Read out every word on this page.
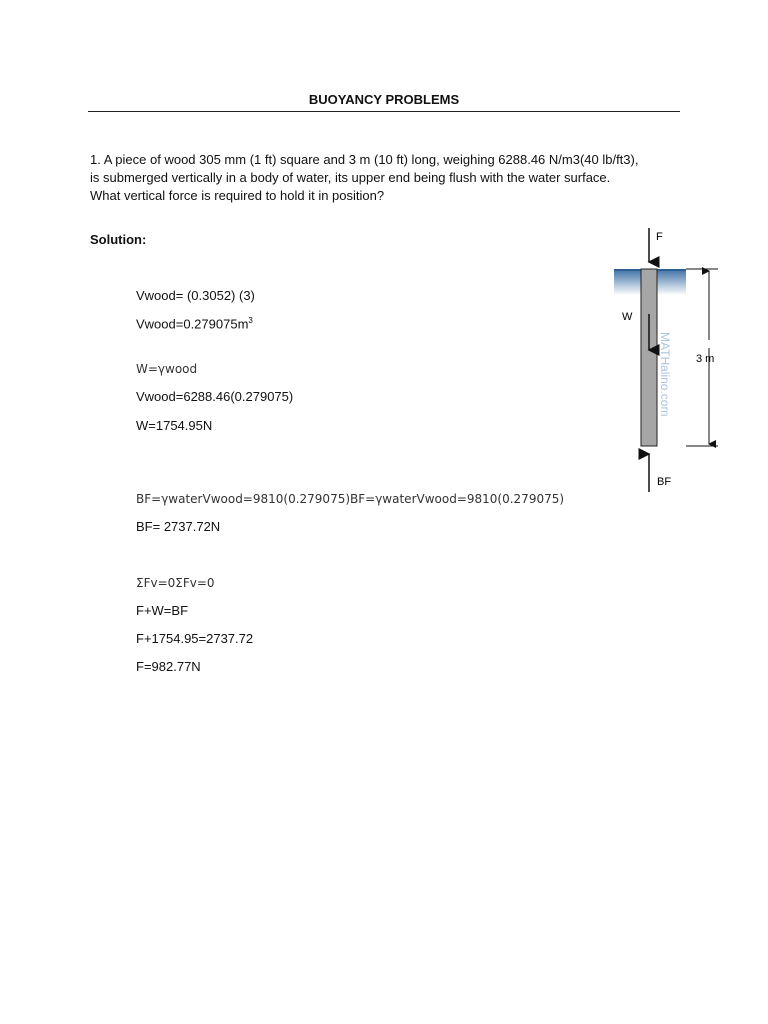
BUOYANCY PROBLEMS
1. A piece of wood 305 mm (1 ft) square and 3 m (10 ft) long, weighing 6288.46 N/m3(40 lb/ft3),
is submerged vertically in a body of water, its upper end being flush with the water surface.
What vertical force is required to hold it in position?
Solution:
Vwood= (0.3052) (3)
$Vwood=0.279075m^3$
W=γwood
Vwood=6288.46(0.279075)
W=1754.95N
BF=γwaterVwood=9810(0.279075)BF=γwaterVwood=9810(0.279075)
BF= 2737.72N
ΣFv=0ΣFv=0
F+W=BF
F+1754.95=2737.72
F=982.77N
F
W
BF
3 m
MATHalino.com
